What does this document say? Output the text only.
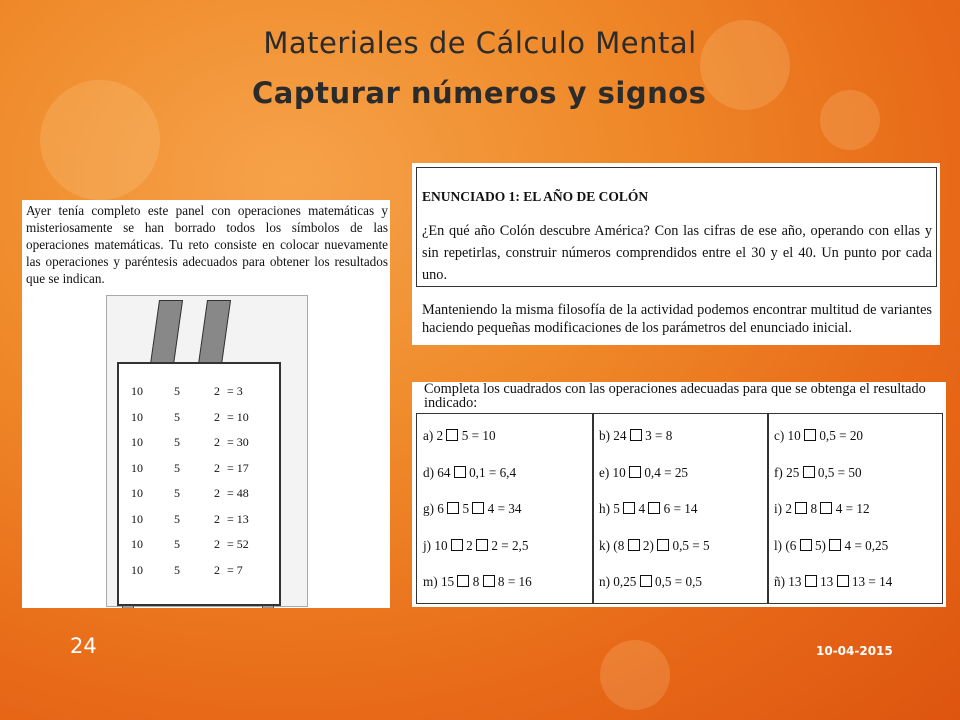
Materiales de Cálculo Mental
Capturar números y signos
Ayer tenía completo este panel con operaciones matemáticas y misteriosamente se han borrado todos los símbolos de las operaciones matemáticas. Tu reto consiste en colocar nuevamente las operaciones y paréntesis adecuados para obtener los resultados que se indican.
10	5	2 = 3
10	5	2 = 10
10	5	2 = 30
10	5	2 = 17
10	5	2 = 48
10	5	2 = 13
10	5	2 = 52
10	5	2 = 7
ENUNCIADO 1: EL AÑO DE COLÓN
¿En qué año Colón descubre América? Con las cifras de ese año, operando con ellas y sin repetirlas, construir números comprendidos entre el 30 y el 40. Un punto por cada uno.
Manteniendo la misma filosofía de la actividad podemos encontrar multitud de variantes haciendo pequeñas modificaciones de los parámetros del enunciado inicial.
Completa los cuadrados con las operaciones adecuadas para que se obtenga el resultado indicado:
a) 2  5 = 10
d) 64  0,1 = 6,4
g) 6  5  4 = 34
j) 10  2  2 = 2,5
m) 15  8  8 = 16
b) 24  3 = 8
e) 10  0,4 = 25
h) 5  4  6 = 14
k) (8  2)  0,5 = 5
n) 0,25  0,5 = 0,5
c) 10  0,5 = 20
f) 25  0,5 = 50
i) 2  8  4 = 12
l) (6  5)  4 = 0,25
ñ) 13  13  13 = 14
24	10-04-2015
